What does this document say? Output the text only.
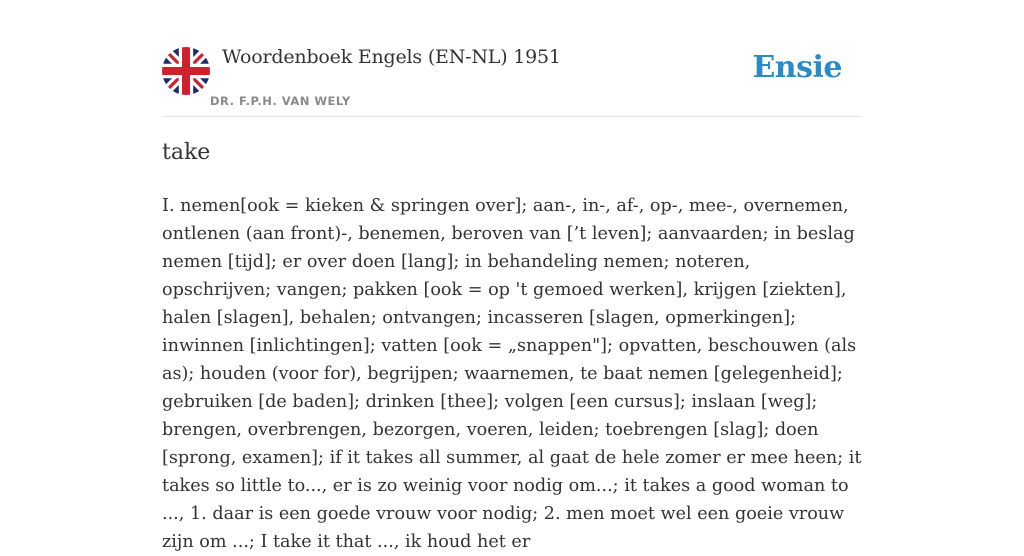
Woordenboek Engels (EN-NL) 1951
DR. F.P.H. VAN WELY
Ensie
take

I. nemen[ook = kieken & springen over]; aan-, in-, af-, op-, mee-, overnemen, ontlenen (aan front)-, benemen, beroven van [’t leven]; aanvaarden; in beslag nemen [tijd]; er over doen [lang]; in behandeling nemen; noteren, opschrijven; vangen; pakken [ook = op 't gemoed werken], krijgen [ziekten], halen [slagen], behalen; ontvangen; incasseren [slagen, opmerkingen]; inwinnen [inlichtingen]; vatten [ook = „snappen"]; opvatten, beschouwen (als as); houden (voor for), begrijpen; waarnemen, te baat nemen [gelegenheid]; gebruiken [de baden]; drinken [thee]; volgen [een cursus]; inslaan [weg]; brengen, overbrengen, bezorgen, voeren, leiden; toebrengen [slag]; doen [sprong, examen]; if it takes all summer, al gaat de hele zomer er mee heen; it takes so little to..., er is zo weinig voor nodig om...; it takes a good woman to ..., 1. daar is een goede vrouw voor nodig; 2. men moet wel een goeie vrouw zijn om ...; I take it that ..., ik houd het er
